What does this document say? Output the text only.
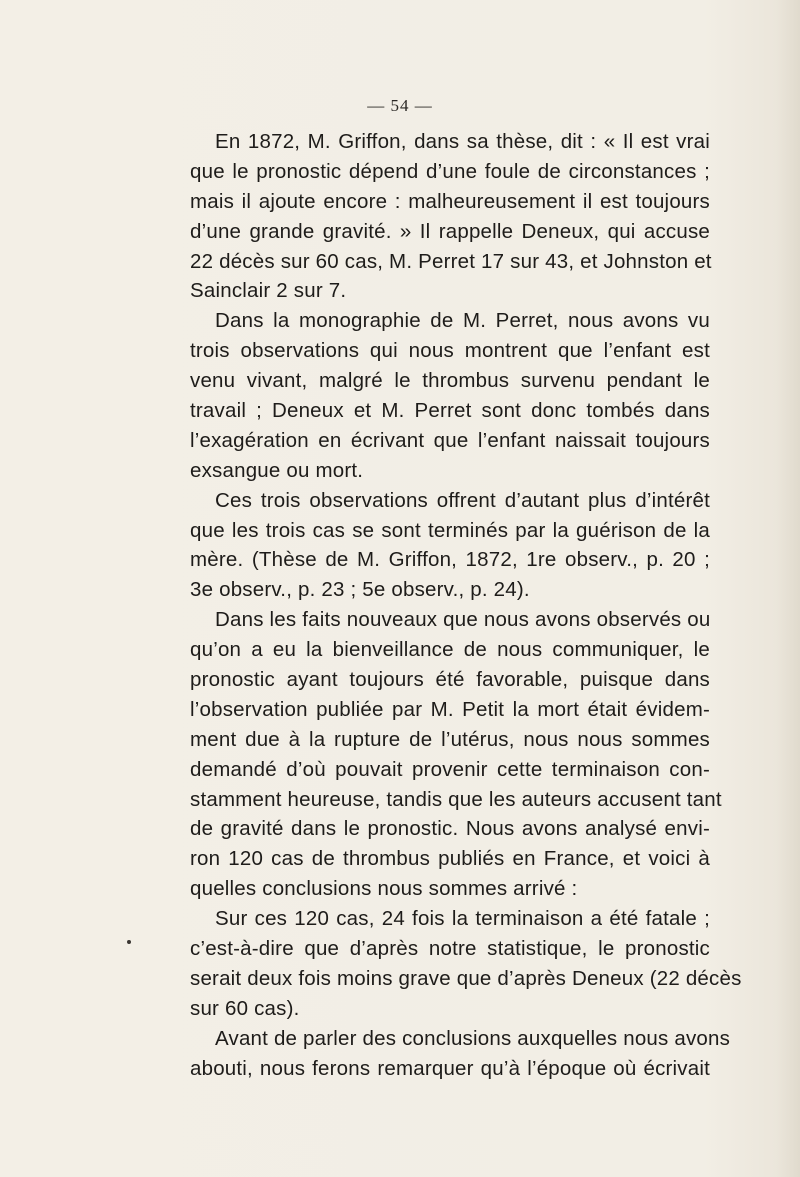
— 54 —
En 1872, M. Griffon, dans sa thèse, dit : « Il est vrai
que le pronostic dépend d’une foule de circonstances ;
mais il ajoute encore : malheureusement il est toujours
d’une grande gravité. » Il rappelle Deneux, qui accuse
22 décès sur 60 cas, M. Perret 17 sur 43, et Johnston et
Sainclair 2 sur 7.
Dans la monographie de M. Perret, nous avons vu
trois observations qui nous montrent que l’enfant est
venu vivant, malgré le thrombus survenu pendant le
travail ; Deneux et M. Perret sont donc tombés dans
l’exagération en écrivant que l’enfant naissait toujours
exsangue ou mort.
Ces trois observations offrent d’autant plus d’intérêt
que les trois cas se sont terminés par la guérison de la
mère. (Thèse de M. Griffon, 1872, 1re observ., p. 20 ;
3e observ., p. 23 ; 5e observ., p. 24).
Dans les faits nouveaux que nous avons observés ou
qu’on a eu la bienveillance de nous communiquer, le
pronostic ayant toujours été favorable, puisque dans
l’observation publiée par M. Petit la mort était évidem-
ment due à la rupture de l’utérus, nous nous sommes
demandé d’où pouvait provenir cette terminaison con-
stamment heureuse, tandis que les auteurs accusent tant
de gravité dans le pronostic. Nous avons analysé envi-
ron 120 cas de thrombus publiés en France, et voici à
quelles conclusions nous sommes arrivé :
Sur ces 120 cas, 24 fois la terminaison a été fatale ;
c’est-à-dire que d’après notre statistique, le pronostic
serait deux fois moins grave que d’après Deneux (22 décès
sur 60 cas).
Avant de parler des conclusions auxquelles nous avons
abouti, nous ferons remarquer qu’à l’époque où écrivait
